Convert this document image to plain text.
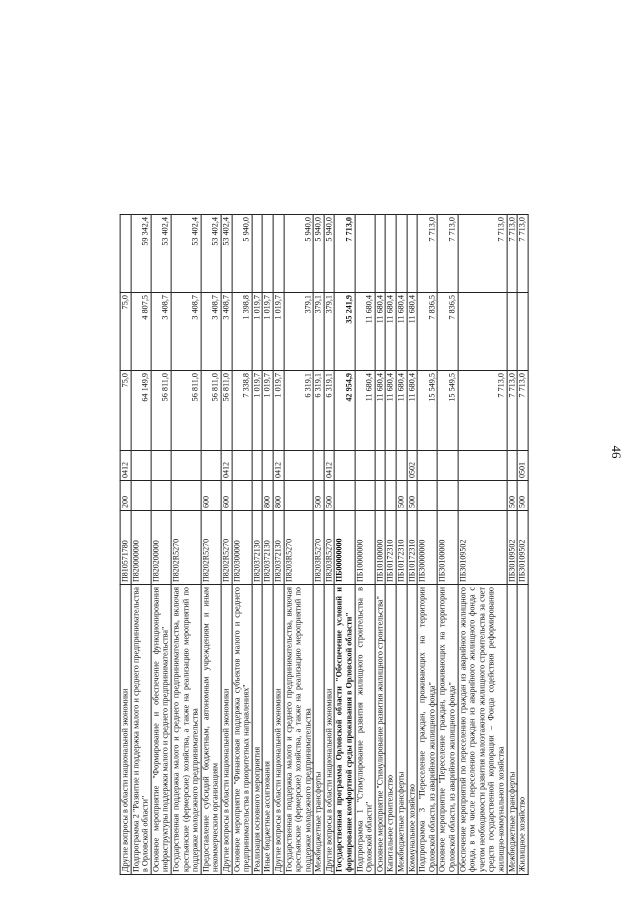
46
Другие вопросы в области национальной экономики	П810571780	200	0412	75,0	75,0	
Подпрограмма 2 "Развитие и поддержка малого и среднего предпринимательства в Орловской области"	П820000000			64 149,9	4 807,5	59 342,4
Основное мероприятие "Формирование и обеспечение функционирования инфраструктуры поддержки малого и среднего предпринимательства"	П820200000			56 811,0	3 408,7	53 402,4
Государственная поддержка малого и среднего предпринимательства, включая крестьянские (фермерские) хозяйства, а также на реализацию мероприятий по поддержке молодежного предпринимательства	П8202R5270			56 811,0	3 408,7	53 402,4
Предоставление субсидий бюджетным, автономным учреждениям и иным некоммерческим организациям	П8202R5270	600		56 811,0	3 408,7	53 402,4
Другие вопросы в области национальной экономики	П8202R5270	600	0412	56 811,0	3 408,7	53 402,4
Основное мероприятие "Финансовая поддержка субъектов малого и среднего предпринимательства в приоритетных направлениях"	П820300000			7 338,8	1 398,8	5 940,0
Реализация основного мероприятия	П820372130			1 019,7	1 019,7	
Иные бюджетные ассигнования	П820372130	800		1 019,7	1 019,7	
Другие вопросы в области национальной экономики	П820372130	800	0412	1 019,7	1 019,7	
Государственная поддержка малого и среднего предпринимательства, включая крестьянские (фермерские) хозяйства, а также на реализацию мероприятий по поддержке молодежного предпринимательства	П8203R5270			6 319,1	379,1	5 940,0
Межбюджетные трансферты	П8203R5270	500		6 319,1	379,1	5 940,0
Другие вопросы в области национальной экономики	П8203R5270	500	0412	6 319,1	379,1	5 940,0
Государственная программа Орловской области "Обеспечение условий и формирование комфортной среды проживания в Орловской области"	ПБ00000000			42 954,9	35 241,9	7 713,0
Подпрограмма 1 "Стимулирование развития жилищного строительства в Орловской области"	ПБ10000000			11 680,4	11 680,4	
Основное мероприятие "Стимулирование развития жилищного строительства"	ПБ10100000			11 680,4	11 680,4	
Капитальное строительство	ПБ10172310			11 680,4	11 680,4	
Межбюджетные трансферты	ПБ10172310	500		11 680,4	11 680,4	
Коммунальное хозяйство	ПБ10172310	500	0502	11 680,4	11 680,4	
Подпрограмма 3 "Переселение граждан, проживающих на территории Орловской области, из аварийного жилищного фонда"	ПБ30000000			15 549,5	7 836,5	7 713,0
Основное мероприятие "Переселение граждан, проживающих на территории Орловской области, из аварийного жилищного фонда"	ПБ30100000			15 549,5	7 836,5	7 713,0
Обеспечение мероприятий по переселению граждан из аварийного жилищного фонда, в том числе переселению граждан из аварийного жилищного фонда с учетом необходимости развития малоэтажного жилищного строительства за счет средств государственной корпорации – Фонда содействия реформированию жилищно-коммунального хозяйства	ПБ30109502			7 713,0		7 713,0
Межбюджетные трансферты	ПБ30109502	500		7 713,0		7 713,0
Жилищное хозяйство	ПБ30109502	500	0501	7 713,0		7 713,0
